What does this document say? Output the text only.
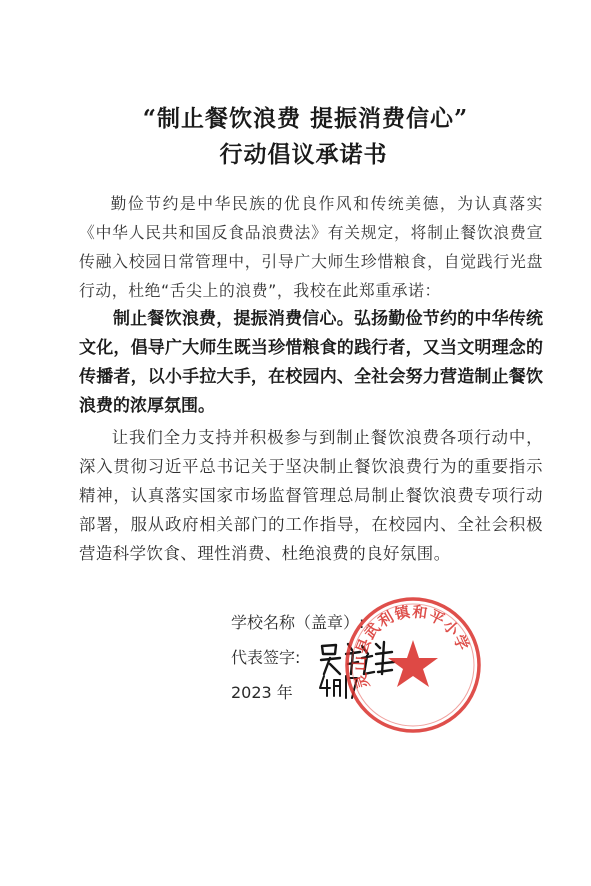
“制止餐饮浪费 提振消费信心”
行动倡议承诺书

勤俭节约是中华民族的优良作风和传统美德，为认真落实《中华人民共和国反食品浪费法》有关规定，将制止餐饮浪费宣传融入校园日常管理中，引导广大师生珍惜粮食，自觉践行光盘行动，杜绝“舌尖上的浪费”，我校在此郑重承诺：

制止餐饮浪费，提振消费信心。弘扬勤俭节约的中华传统文化，倡导广大师生既当珍惜粮食的践行者，又当文明理念的传播者，以小手拉大手，在校园内、全社会努力营造制止餐饮浪费的浓厚氛围。

让我们全力支持并积极参与到制止餐饮浪费各项行动中，深入贯彻习近平总书记关于坚决制止餐饮浪费行为的重要指示精神，认真落实国家市场监督管理总局制止餐饮浪费专项行动部署，服从政府相关部门的工作指导，在校园内、全社会积极营造科学饮食、理性消费、杜绝浪费的良好氛围。

学校名称（盖章）:
代表签字:
2023 年
灵山县武利镇和平小学
